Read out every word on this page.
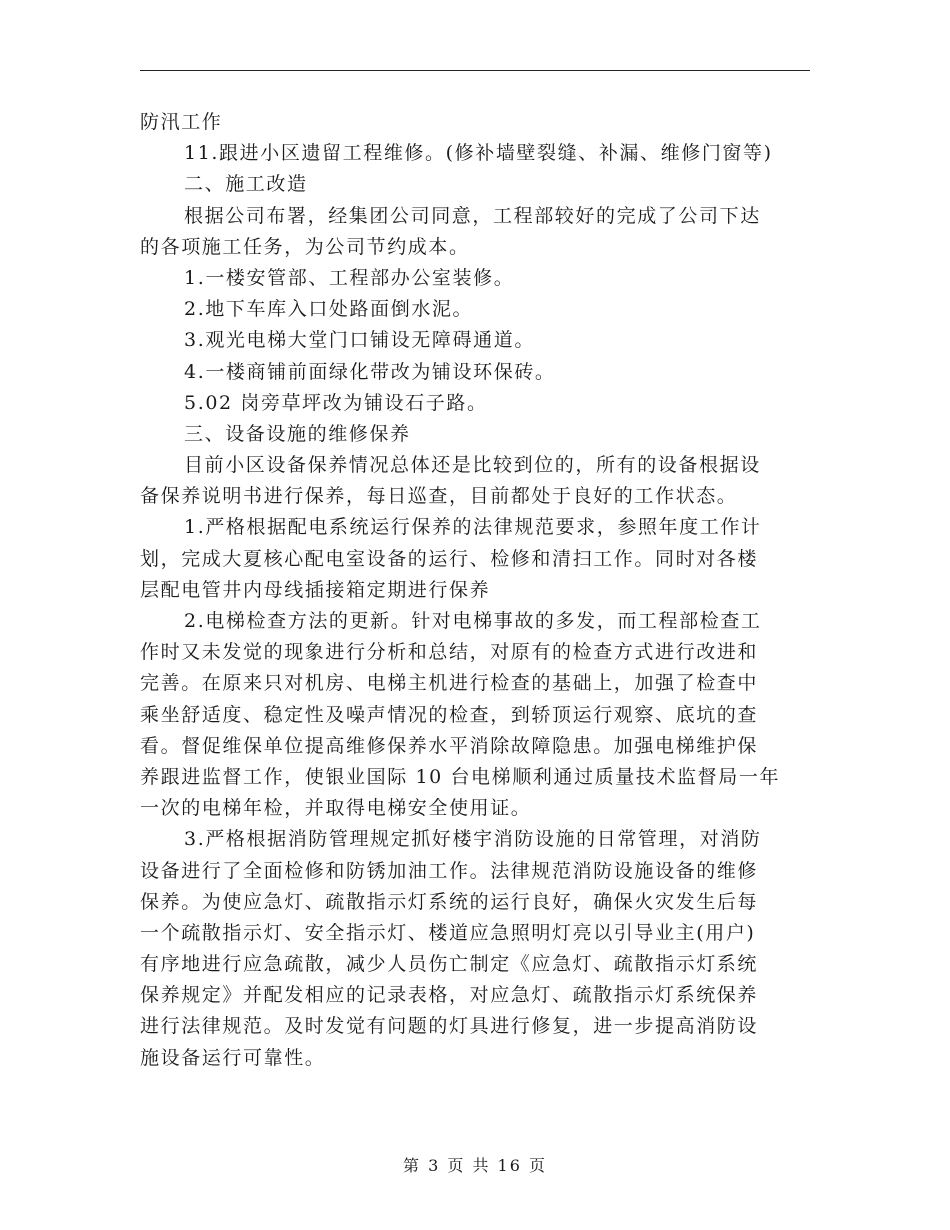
防汛工作
11.跟进小区遗留工程维修。(修补墙壁裂缝、补漏、维修门窗等)
二、施工改造
根据公司布署，经集团公司同意，工程部较好的完成了公司下达
的各项施工任务，为公司节约成本。
1.一楼安管部、工程部办公室装修。
2.地下车库入口处路面倒水泥。
3.观光电梯大堂门口铺设无障碍通道。
4.一楼商铺前面绿化带改为铺设环保砖。
5.02 岗旁草坪改为铺设石子路。
三、设备设施的维修保养
目前小区设备保养情况总体还是比较到位的，所有的设备根据设
备保养说明书进行保养，每日巡查，目前都处于良好的工作状态。
1.严格根据配电系统运行保养的法律规范要求，参照年度工作计
划，完成大夏核心配电室设备的运行、检修和清扫工作。同时对各楼
层配电管井内母线插接箱定期进行保养
2.电梯检查方法的更新。针对电梯事故的多发，而工程部检查工
作时又未发觉的现象进行分析和总结，对原有的检查方式进行改进和
完善。在原来只对机房、电梯主机进行检查的基础上，加强了检查中
乘坐舒适度、稳定性及噪声情况的检查，到轿顶运行观察、底坑的查
看。督促维保单位提高维修保养水平消除故障隐患。加强电梯维护保
养跟进监督工作，使银业国际 10 台电梯顺利通过质量技术监督局一年
一次的电梯年检，并取得电梯安全使用证。
3.严格根据消防管理规定抓好楼宇消防设施的日常管理，对消防
设备进行了全面检修和防锈加油工作。法律规范消防设施设备的维修
保养。为使应急灯、疏散指示灯系统的运行良好，确保火灾发生后每
一个疏散指示灯、安全指示灯、楼道应急照明灯亮以引导业主(用户)
有序地进行应急疏散，减少人员伤亡制定《应急灯、疏散指示灯系统
保养规定》并配发相应的记录表格，对应急灯、疏散指示灯系统保养
进行法律规范。及时发觉有问题的灯具进行修复，进一步提高消防设
施设备运行可靠性。
第 3 页 共 16 页
